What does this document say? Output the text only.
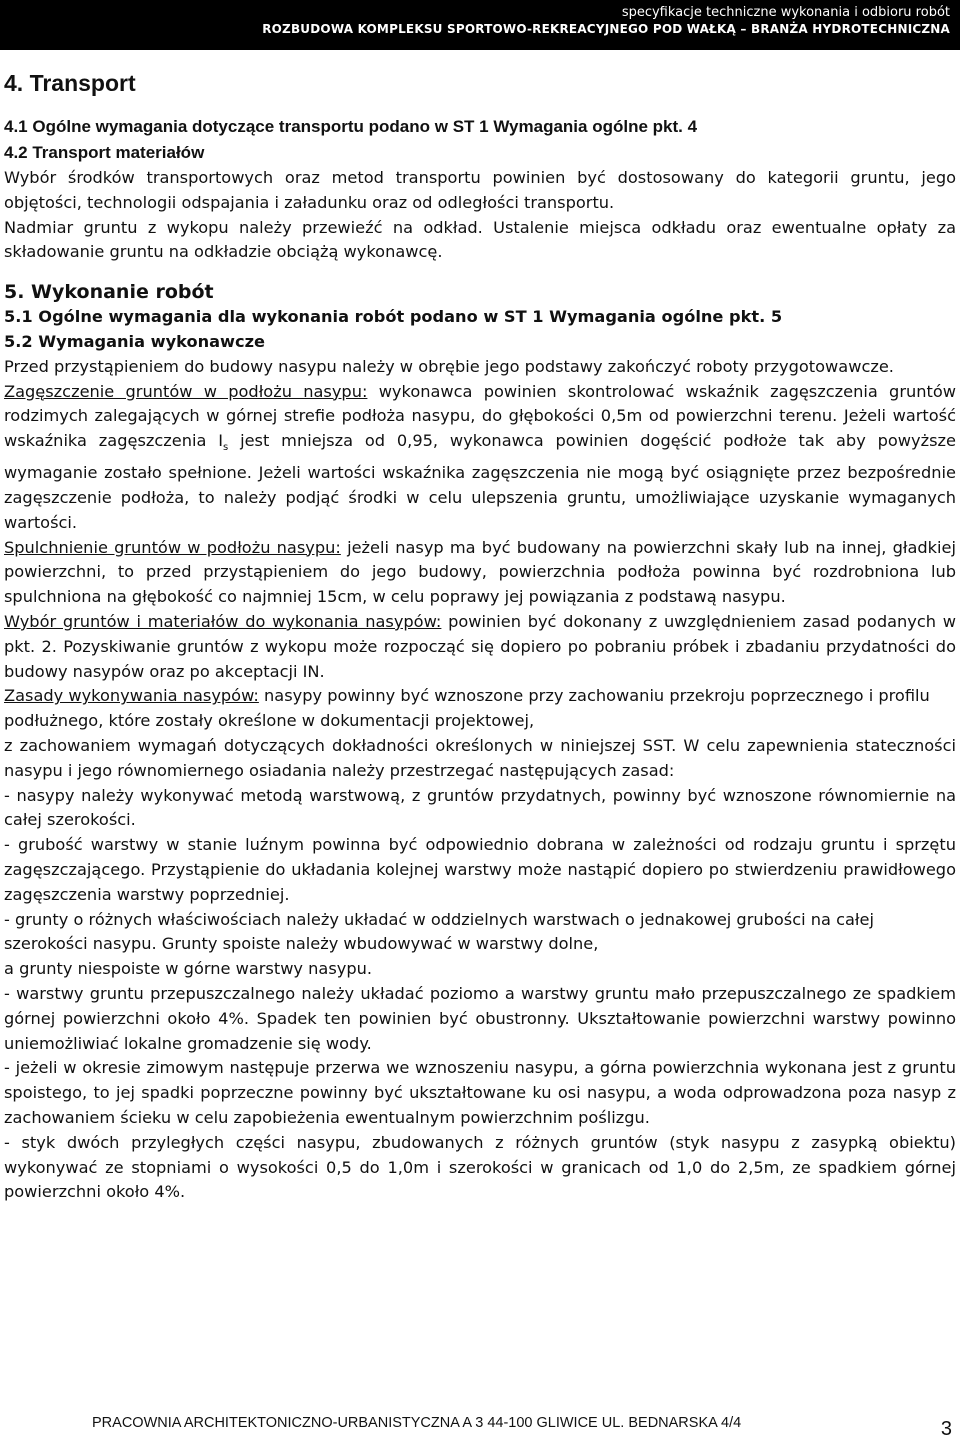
specyfikacje techniczne wykonania i odbioru robót
ROZBUDOWA KOMPLEKSU SPORTOWO-REKREACYJNEGO POD WAŁKĄ – BRANŻA HYDROTECHNICZNA
4. Transport
4.1 Ogólne wymagania dotyczące transportu podano w ST 1 Wymagania ogólne pkt. 4
4.2 Transport materiałów

Wybór środków transportowych oraz metod transportu powinien być dostosowany do kategorii gruntu, jego objętości, technologii odspajania i załadunku oraz od odległości transportu.

Nadmiar gruntu z wykopu należy przewieźć na odkład. Ustalenie miejsca odkładu oraz ewentualne opłaty za składowanie gruntu na odkładzie obciążą wykonawcę.

5. Wykonanie robót
5.1 Ogólne wymagania dla wykonania robót podano w ST 1 Wymagania ogólne pkt. 5
5.2 Wymagania wykonawcze

Przed przystąpieniem do budowy nasypu należy w obrębie jego podstawy zakończyć roboty przygotowawcze.

Zagęszczenie gruntów w podłożu nasypu: wykonawca powinien skontrolować wskaźnik zagęszczenia gruntów rodzimych zalegających w górnej strefie podłoża nasypu, do głębokości 0,5m od powierzchni terenu. Jeżeli wartość wskaźnika zagęszczenia $I_s$ jest mniejsza od 0,95, wykonawca powinien dogęścić podłoże tak aby powyższe wymaganie zostało spełnione. Jeżeli wartości wskaźnika zagęszczenia nie mogą być osiągnięte przez bezpośrednie zagęszczenie podłoża, to należy podjąć środki w celu ulepszenia gruntu, umożliwiające uzyskanie wymaganych wartości.

Spulchnienie gruntów w podłożu nasypu: jeżeli nasyp ma być budowany na powierzchni skały lub na innej, gładkiej powierzchni, to przed przystąpieniem do jego budowy, powierzchnia podłoża powinna być rozdrobniona lub spulchniona na głębokość co najmniej 15cm, w celu poprawy jej powiązania z podstawą nasypu.

Wybór gruntów i materiałów do wykonania nasypów: powinien być dokonany z uwzględnieniem zasad podanych w pkt. 2. Pozyskiwanie gruntów z wykopu może rozpocząć się dopiero po pobraniu próbek i zbadaniu przydatności do budowy nasypów oraz po akceptacji IN.

Zasady wykonywania nasypów: nasypy powinny być wznoszone przy zachowaniu przekroju poprzecznego i profilu podłużnego, które zostały określone w dokumentacji projektowej,

z zachowaniem wymagań dotyczących dokładności określonych w niniejszej SST. W celu zapewnienia stateczności nasypu i jego równomiernego osiadania należy przestrzegać następujących zasad:

- nasypy należy wykonywać metodą warstwową, z gruntów przydatnych, powinny być wznoszone równomiernie na całej szerokości.

- grubość warstwy w stanie luźnym powinna być odpowiednio dobrana w zależności od rodzaju gruntu i sprzętu zagęszczającego. Przystąpienie do układania kolejnej warstwy może nastąpić dopiero po stwierdzeniu prawidłowego zagęszczenia warstwy poprzedniej.

- grunty o różnych właściwościach należy układać w oddzielnych warstwach o jednakowej grubości na całej szerokości nasypu. Grunty spoiste należy wbudowywać w warstwy dolne,

a grunty niespoiste w górne warstwy nasypu.

- warstwy gruntu przepuszczalnego należy układać poziomo a warstwy gruntu mało przepuszczalnego ze spadkiem górnej powierzchni około 4%. Spadek ten powinien być obustronny. Ukształtowanie powierzchni warstwy powinno uniemożliwiać lokalne gromadzenie się wody.

- jeżeli w okresie zimowym następuje przerwa we wznoszeniu nasypu, a górna powierzchnia wykonana jest z gruntu spoistego, to jej spadki poprzeczne powinny być ukształtowane ku osi nasypu, a woda odprowadzona poza nasyp z zachowaniem ścieku w celu zapobieżenia ewentualnym powierzchnim poślizgu.

- styk dwóch przyległych części nasypu, zbudowanych z różnych gruntów (styk nasypu z zasypką obiektu) wykonywać ze stopniami o wysokości 0,5 do 1,0m i szerokości w granicach od 1,0 do 2,5m, ze spadkiem górnej powierzchni około 4%.

PRACOWNIA ARCHITEKTONICZNO-URBANISTYCZNA A 3 44-100 GLIWICE UL. BEDNARSKA 4/4	3
